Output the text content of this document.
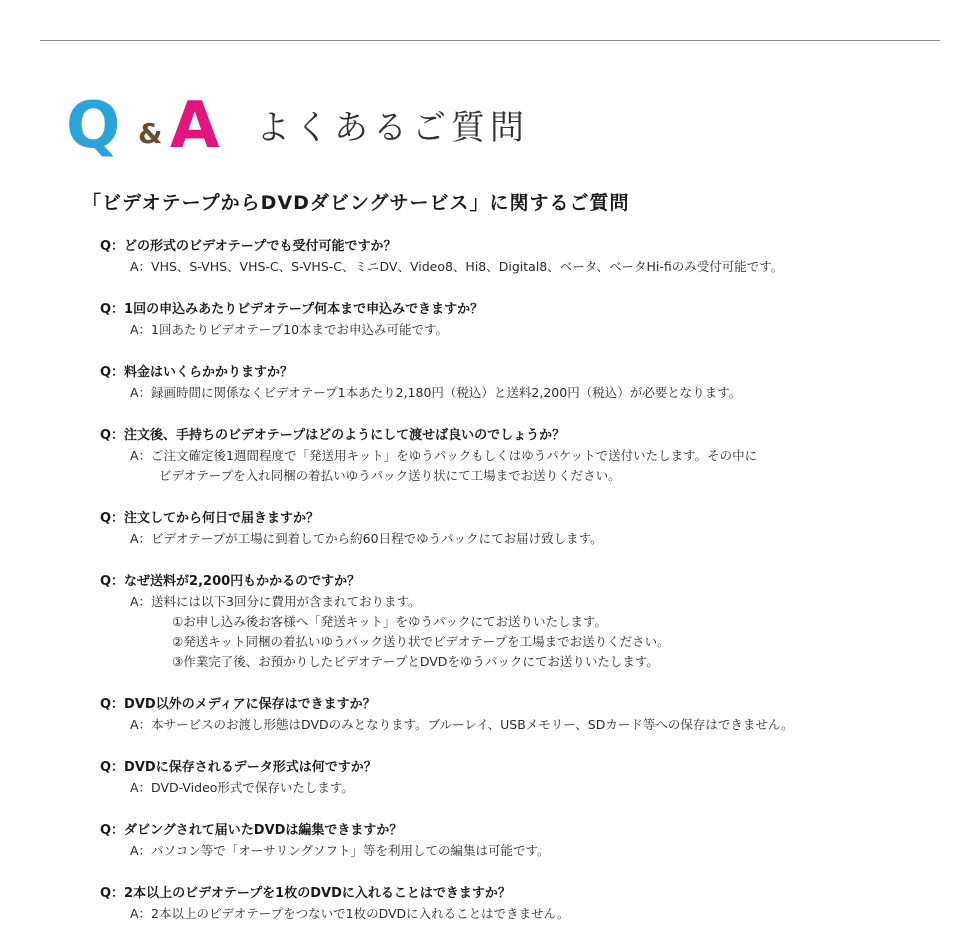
Q & A よくあるご質問
「ビデオテープからDVDダビングサービス」に関するご質問
Q：どの形式のビデオテープでも受付可能ですか？
A：VHS、S-VHS、VHS-C、S-VHS-C、ミニDV、Video8、Hi8、Digital8、ベータ、ベータHi-fiのみ受付可能です。
Q：1回の申込みあたりビデオテープ何本まで申込みできますか？
A：1回あたりビデオテープ10本までお申込み可能です。
Q：料金はいくらかかりますか？
A：録画時間に関係なくビデオテープ1本あたり2,180円（税込）と送料2,200円（税込）が必要となります。
Q：注文後、手持ちのビデオテープはどのようにして渡せば良いのでしょうか？
A：ご注文確定後1週間程度で「発送用キット」をゆうパックもしくはゆうパケットで送付いたします。その中に
ビデオテープを入れ同梱の着払いゆうパック送り状にて工場までお送りください。
Q：注文してから何日で届きますか？
A：ビデオテープが工場に到着してから約60日程でゆうパックにてお届け致します。
Q：なぜ送料が2,200円もかかるのですか？
A：送料には以下3回分に費用が含まれております。
①お申し込み後お客様へ「発送キット」をゆうパックにてお送りいたします。
②発送キット同梱の着払いゆうパック送り状でビデオテープを工場までお送りください。
③作業完了後、お預かりしたビデオテープとDVDをゆうパックにてお送りいたします。
Q：DVD以外のメディアに保存はできますか？
A：本サービスのお渡し形態はDVDのみとなります。ブルーレイ、USBメモリー、SDカード等への保存はできません。
Q：DVDに保存されるデータ形式は何ですか？
A：DVD-Video形式で保存いたします。
Q：ダビングされて届いたDVDは編集できますか？
A：パソコン等で「オーサリングソフト」等を利用しての編集は可能です。
Q：2本以上のビデオテープを1枚のDVDに入れることはできますか？
A：2本以上のビデオテープをつないで1枚のDVDに入れることはできません。
